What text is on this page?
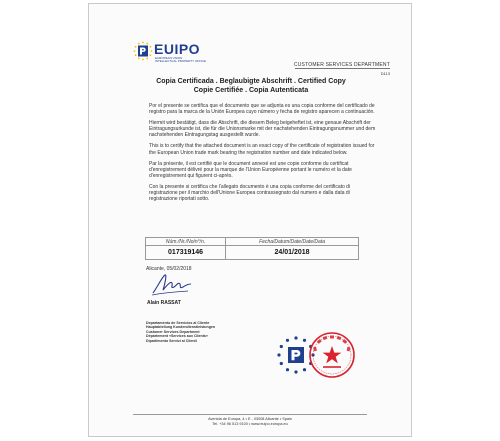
EUIPO
EUROPEAN UNION
INTELLECTUAL PROPERTY OFFICE
CUSTOMER SERVICES DEPARTMENT
D113
Copia Certificada . Beglaubigte Abschrift . Certified Copy
Copie Certifiée . Copia Autenticata

Por el presente se certifica que el documento que se adjunta es una copia conforme del certificado de registro para la marca de la Unión Europea cuyo número y fecha de registro aparecen a continuación.

Hiermit wird bestätigt, dass die Abschrift, die diesem Beleg beigeheftet ist, eine genaue Abschrift der Eintragungsurkunde ist, die für die Unionsmarke mit der nachstehenden Eintragungsnummer und dem nachstehenden Eintragungstag ausgestellt wurde.

This is to certify that the attached document is an exact copy of the certificate of registration issued for the European Union trade mark bearing the registration number and date indicated below.

Par la présente, il est certifié que le document annexé est une copie conforme du certificat d'enregistrement délivré pour la marque de l'Union Européenne portant le numéro et la date d'enregistrement qui figurent ci-après.

Con la presente si certifica che l'allegato documento è una copia conforme del certificato di registrazione per il marchio dell'Unione Europea contrassegnato dal numero e dalla data di registrazione riportati sotto.

Núm./Nr./No/n°/n.	Fecha/Datum/Date/Date/Data
017319146	24/01/2018
Alicante, 05/02/2018
Alain RASSAT
Departamento de Servicios al Cliente
Hauptabteilung Kundendienstleistungen
Customer Services Department
Département «Services aux Clients»
Dipartimento Servizi ai Clienti
Avenida de Europa, 4 • E - 03008 Alicante • Spain
Tel. +34 96 513 9100 • www.euipo.europa.eu
